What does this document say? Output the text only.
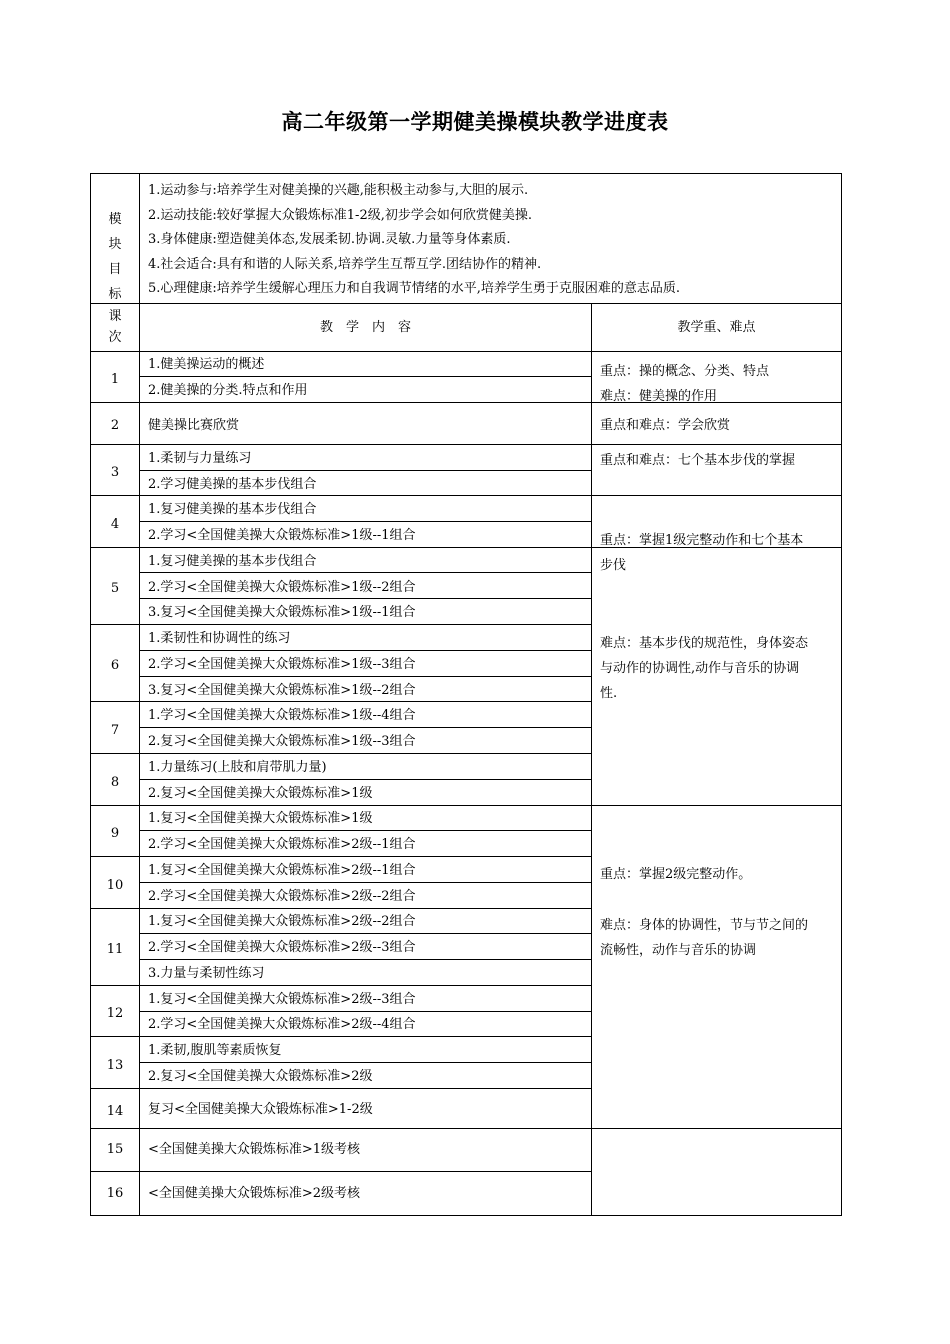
高二年级第一学期健美操模块教学进度表
模
块
目
标
1.运动参与:培养学生对健美操的兴趣,能积极主动参与,大胆的展示.
2.运动技能:较好掌握大众锻炼标准1-2级,初步学会如何欣赏健美操.
3.身体健康:塑造健美体态,发展柔韧.协调.灵敏.力量等身体素质.
4.社会适合:具有和谐的人际关系,培养学生互帮互学.团结协作的精神.
5.心理健康:培养学生缓解心理压力和自我调节情绪的水平,培养学生勇于克服困难的意志品质.
课
次
教　学　内　容	教学重、难点
1
2
3
4
5
6
7
8
9
10
11
12
13
14
15
16
1.健美操运动的概述
2.健美操的分类.特点和作用
健美操比赛欣赏
1.柔韧与力量练习
2.学习健美操的基本步伐组合
1.复习健美操的基本步伐组合
2.学习<全国健美操大众锻炼标准>1级--1组合
1.复习健美操的基本步伐组合
2.学习<全国健美操大众锻炼标准>1级--2组合
3.复习<全国健美操大众锻炼标准>1级--1组合
1.柔韧性和协调性的练习
2.学习<全国健美操大众锻炼标准>1级--3组合
3.复习<全国健美操大众锻炼标准>1级--2组合
1.学习<全国健美操大众锻炼标准>1级--4组合
2.复习<全国健美操大众锻炼标准>1级--3组合
1.力量练习(上肢和肩带肌力量)
2.复习<全国健美操大众锻炼标准>1级
1.复习<全国健美操大众锻炼标准>1级
2.学习<全国健美操大众锻炼标准>2级--1组合
1.复习<全国健美操大众锻炼标准>2级--1组合
2.学习<全国健美操大众锻炼标准>2级--2组合
1.复习<全国健美操大众锻炼标准>2级--2组合
2.学习<全国健美操大众锻炼标准>2级--3组合
3.力量与柔韧性练习
1.复习<全国健美操大众锻炼标准>2级--3组合
2.学习<全国健美操大众锻炼标准>2级--4组合
1.柔韧,腹肌等素质恢复
2.复习<全国健美操大众锻炼标准>2级
复习<全国健美操大众锻炼标准>1-2级
<全国健美操大众锻炼标准>1级考核
<全国健美操大众锻炼标准>2级考核
重点：操的概念、分类、特点
难点：健美操的作用
重点和难点：学会欣赏
重点和难点：七个基本步伐的掌握
重点：掌握1级完整动作和七个基本
步伐
难点：基本步伐的规范性，身体姿态
与动作的协调性,动作与音乐的协调
性.
重点：掌握2级完整动作。
难点：身体的协调性，节与节之间的
流畅性，动作与音乐的协调
